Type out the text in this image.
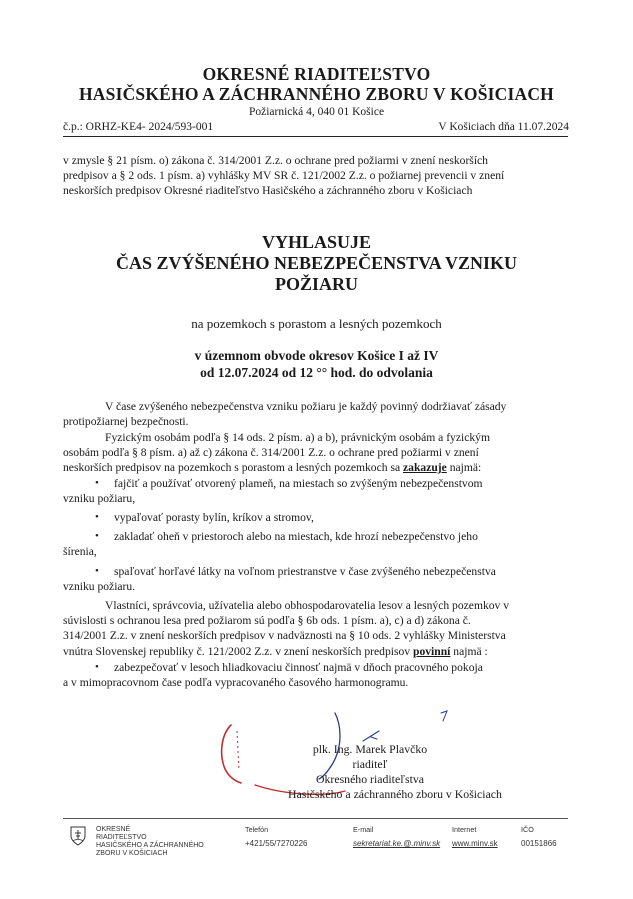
OKRESNÉ RIADITEĽSTVO
HASIČSKÉHO A ZÁCHRANNÉHO ZBORU V KOŠICIACH
Požiarnická 4, 040 01 Košice
č.p.: ORHZ-KE4- 2024/593-001	V Košiciach dňa 11.07.2024
v zmysle § 21 písm. o) zákona č. 314/2001 Z.z. o ochrane pred požiarmi v znení neskorších
predpisov a § 2 ods. 1 písm. a) vyhlášky MV SR č. 121/2002 Z.z. o požiarnej prevencii v znení
neskorších predpisov Okresné riaditeľstvo Hasičského a záchranného zboru v Košiciach
VYHLASUJE
ČAS ZVÝŠENÉHO NEBEZPEČENSTVA VZNIKU
POŽIARU
na pozemkoch s porastom a lesných pozemkoch
v územnom obvode okresov Košice I až IV
od 12.07.2024 od 12 °° hod. do odvolania
V čase zvýšeného nebezpečenstva vzniku požiaru je každý povinný dodržiavať zásady
protipožiarnej bezpečnosti.
Fyzickým osobám podľa § 14 ods. 2 písm. a) a b), právnickým osobám a fyzickým
osobám podľa § 8 písm. a) až c) zákona č. 314/2001 Z.z. o ochrane pred požiarmi v znení
neskorších predpisov na pozemkoch s porastom a lesných pozemkoch sa zakazuje najmä:
•	fajčiť a používať otvorený plameň, na miestach so zvýšeným nebezpečenstvom
vzniku požiaru,
•	vypaľovať porasty bylín, kríkov a stromov,
•	zakladať oheň v priestoroch alebo na miestach, kde hrozí nebezpečenstvo jeho
šírenia,
•	spaľovať horľavé látky na voľnom priestranstve v čase zvýšeného nebezpečenstva
vzniku požiaru.
Vlastníci, správcovia, užívatelia alebo obhospodarovatelia lesov a lesných pozemkov v
súvislosti s ochranou lesa pred požiarom sú podľa § 6b ods. 1 písm. a), c) a d) zákona č.
314/2001 Z.z. v znení neskorších predpisov v nadväznosti na § 10 ods. 2 vyhlášky Ministerstva
vnútra Slovenskej republiky č. 121/2002 Z.z. v znení neskorších predpisov povinní najmä :
•	zabezpečovať v lesoch hliadkovaciu činnosť najmä v dňoch pracovného pokoja
a v mimopracovnom čase podľa vypracovaného časového harmonogramu.
plk. Ing. Marek Plavčko
riaditeľ
Okresného riaditeľstva
Hasičského a záchranného zboru v Košiciach
OKRESNÉ
RIADITEĽSTVO
HASIČSKÉHO A ZÁCHRANNÉHO
ZBORU V KOŠICIACH
Telefón
+421/55/7270226
E-mail
sekretariat.ke.@.minv.sk
Internet
www.minv.sk
IČO
00151866
